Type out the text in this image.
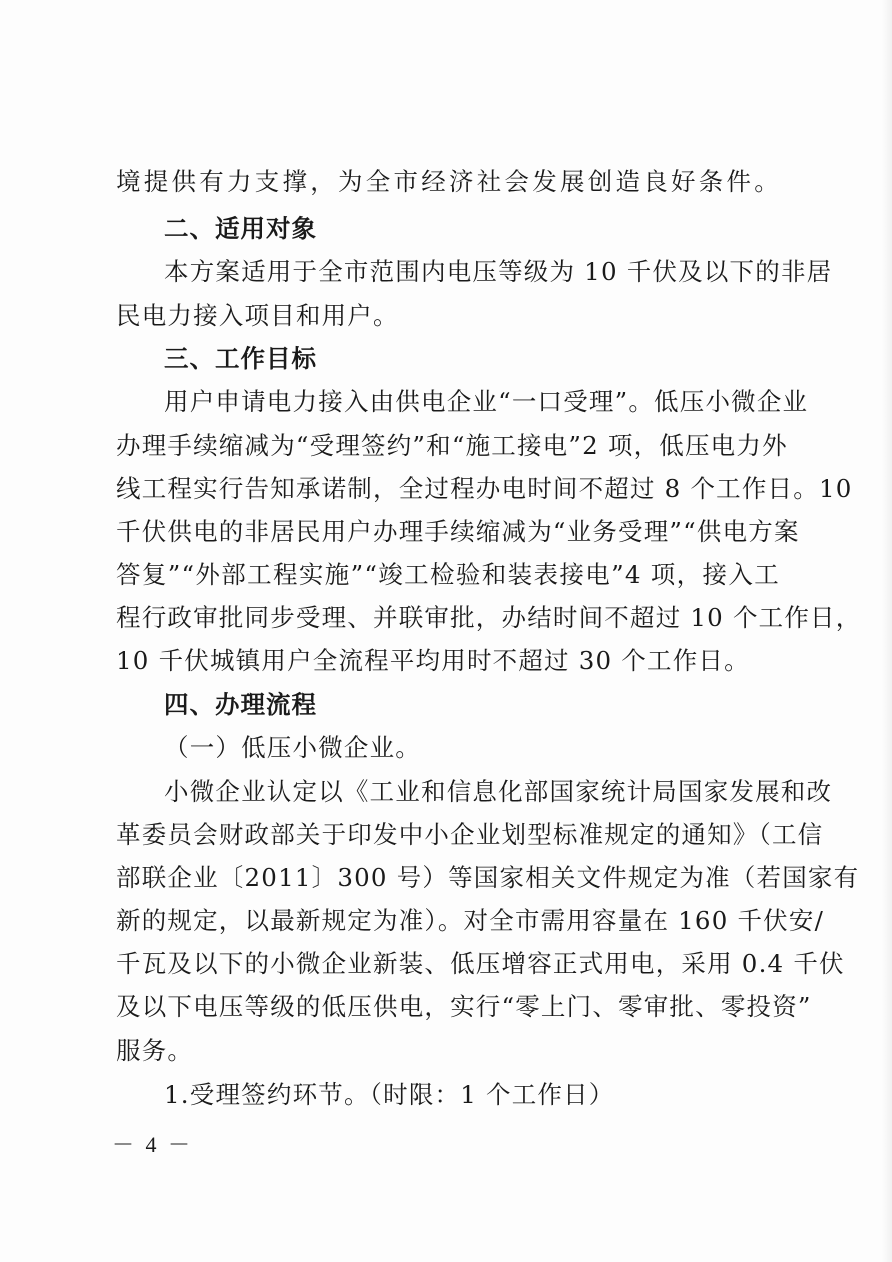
境提供有力支撑，为全市经济社会发展创造良好条件。
二、适用对象
本方案适用于全市范围内电压等级为 10 千伏及以下的非居
民电力接入项目和用户。
三、工作目标
用户申请电力接入由供电企业“一口受理”。低压小微企业
办理手续缩减为“受理签约”和“施工接电”2 项，低压电力外
线工程实行告知承诺制，全过程办电时间不超过 8 个工作日。10
千伏供电的非居民用户办理手续缩减为“业务受理”“供电方案
答复”“外部工程实施”“竣工检验和装表接电”4 项，接入工
程行政审批同步受理、并联审批，办结时间不超过 10 个工作日，
10 千伏城镇用户全流程平均用时不超过 30 个工作日。
四、办理流程
（一）低压小微企业。
小微企业认定以《工业和信息化部国家统计局国家发展和改
革委员会财政部关于印发中小企业划型标准规定的通知》（工信
部联企业〔2011〕300 号）等国家相关文件规定为准（若国家有
新的规定，以最新规定为准）。对全市需用容量在 160 千伏安/
千瓦及以下的小微企业新装、低压增容正式用电，采用 0.4 千伏
及以下电压等级的低压供电，实行“零上门、零审批、零投资”
服务。
1.受理签约环节。（时限：1 个工作日）
－ 4 －
